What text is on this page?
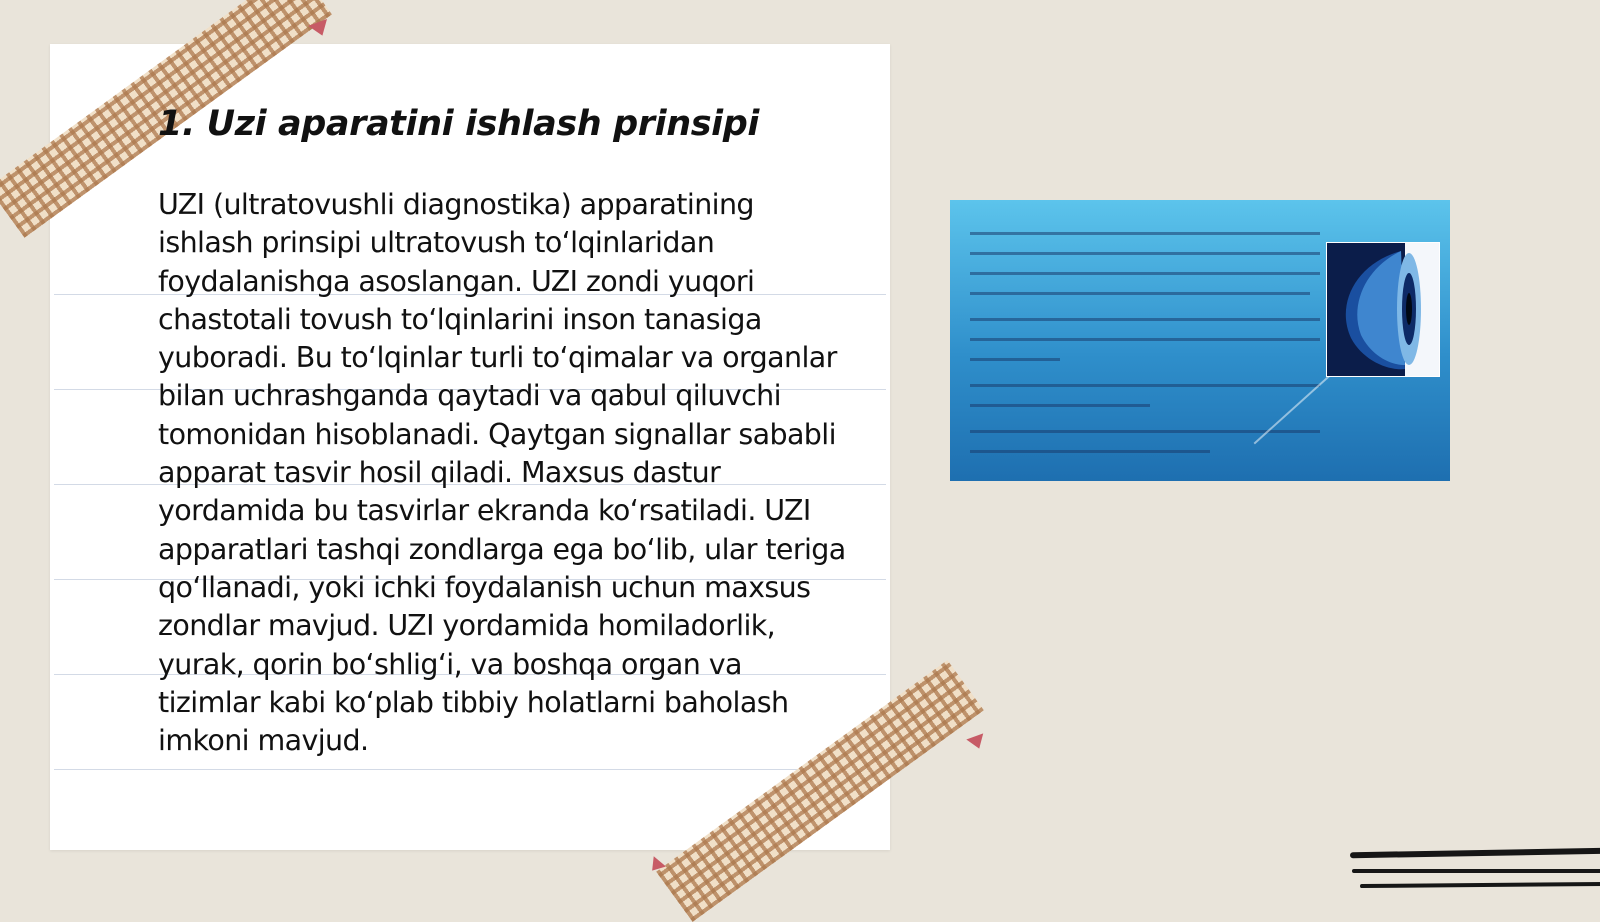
1. Uzi aparatini ishlash prinsipi

UZI (ultratovushli diagnostika) apparatining ishlash prinsipi ultratovush to‘lqinlaridan foydalanishga asoslangan. UZI zondi yuqori chastotali tovush to‘lqinlarini inson tanasiga yuboradi. Bu to‘lqinlar turli to‘qimalar va organlar bilan uchrashganda qaytadi va qabul qiluvchi tomonidan hisoblanadi. Qaytgan signallar sababli apparat tasvir hosil qiladi. Maxsus dastur yordamida bu tasvirlar ekranda ko‘rsatiladi. UZI apparatlari tashqi zondlarga ega bo‘lib, ular teriga qo‘llanadi, yoki ichki foydalanish uchun maxsus zondlar mavjud. UZI yordamida homiladorlik, yurak, qorin bo‘shlig‘i, va boshqa organ va tizimlar kabi ko‘plab tibbiy holatlarni baholash imkoni mavjud.
